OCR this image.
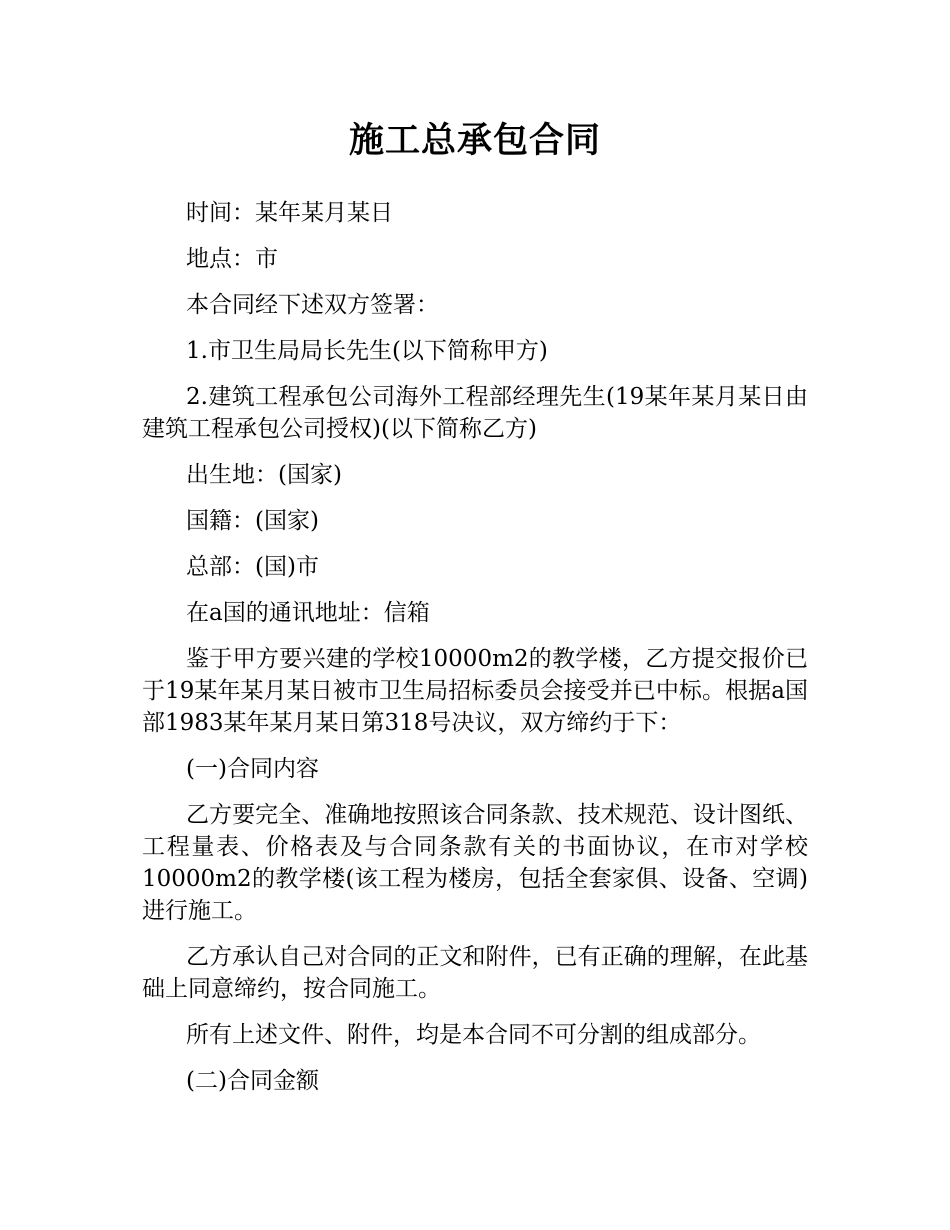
施工总承包合同

时间：某年某月某日

地点：市

本合同经下述双方签署：

1.市卫生局局长先生(以下简称甲方)

2.建筑工程承包公司海外工程部经理先生(19某年某月某日由建筑工程承包公司授权)(以下简称乙方)

出生地：(国家)

国籍：(国家)

总部：(国)市

在a国的通讯地址：信箱

鉴于甲方要兴建的学校10000m2的教学楼，乙方提交报价已于19某年某月某日被市卫生局招标委员会接受并已中标。根据a国部1983某年某月某日第318号决议，双方缔约于下：

(一)合同内容

乙方要完全、准确地按照该合同条款、技术规范、设计图纸、工程量表、价格表及与合同条款有关的书面协议，在市对学校10000m2的教学楼(该工程为楼房，包括全套家俱、设备、空调)进行施工。

乙方承认自己对合同的正文和附件，已有正确的理解，在此基础上同意缔约，按合同施工。

所有上述文件、附件，均是本合同不可分割的组成部分。

(二)合同金额
